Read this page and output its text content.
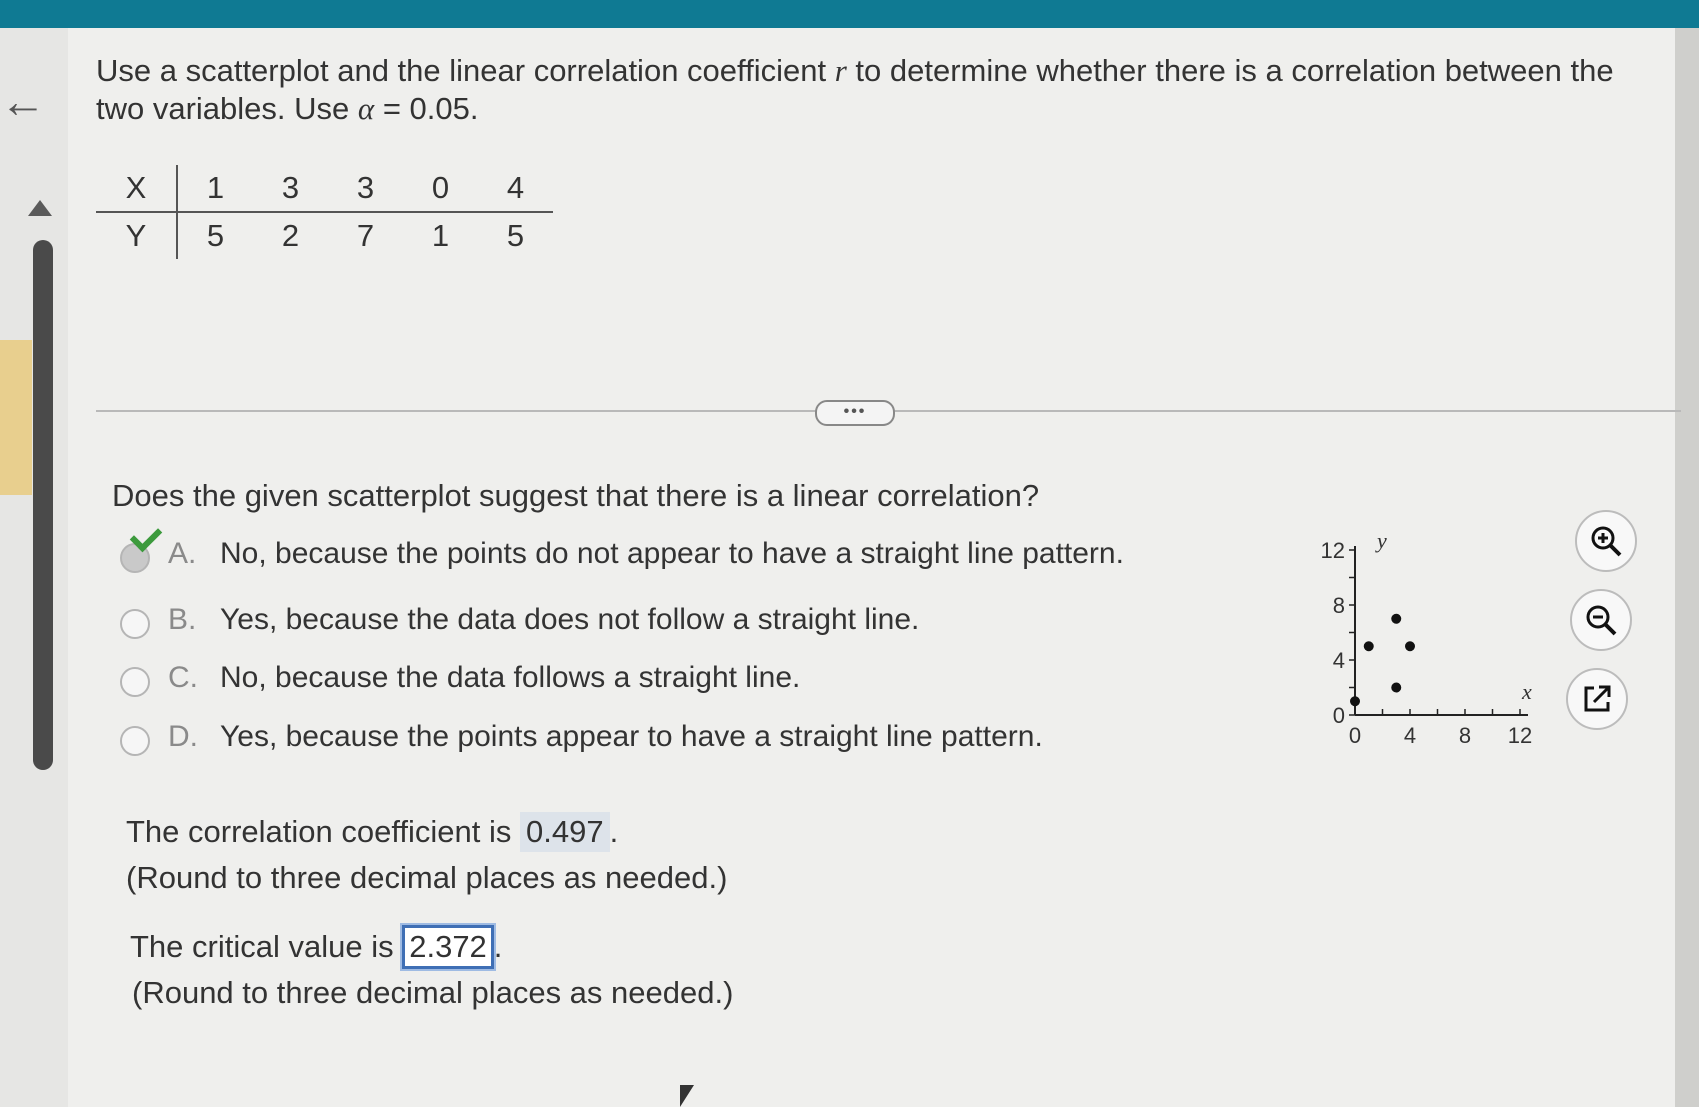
←
Use a scatterplot and the linear correlation coefficient r to determine whether there is a correlation between the
two variables. Use α = 0.05.
X	1	3	3	0	4
Y	5	2	7	1	5
•••
Does the given scatterplot suggest that there is a linear correlation?
A. No, because the points do not appear to have a straight line pattern.
B. Yes, because the data does not follow a straight line.
C. No, because the data follows a straight line.
D. Yes, because the points appear to have a straight line pattern.	0 4 8 12
0
4
8
12
x
y
The correlation coefficient is 0.497 .
(Round to three decimal places as needed.)
The critical value is 2.372 .
(Round to three decimal places as needed.)
